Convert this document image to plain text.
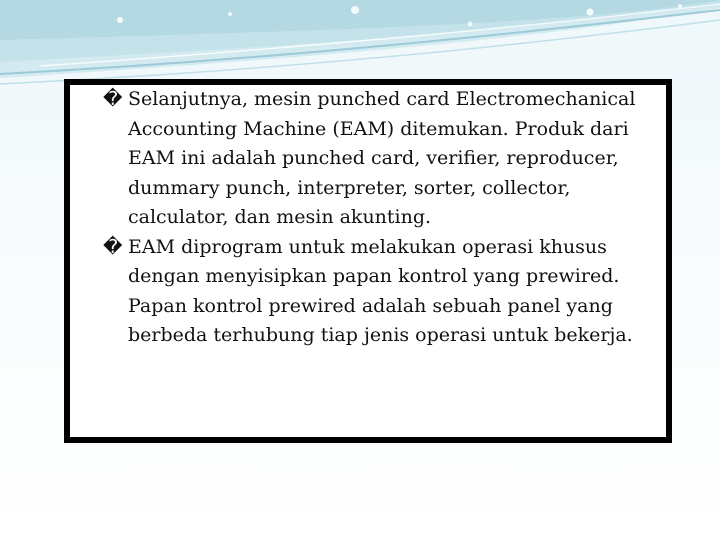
� Selanjutnya, mesin punched card Electromechanical Accounting Machine (EAM) ditemukan. Produk dari EAM ini adalah punched card, verifier, reproducer, dummary punch, interpreter, sorter, collector, calculator, dan mesin akunting.
� EAM diprogram untuk melakukan operasi khusus dengan menyisipkan papan kontrol yang prewired. Papan kontrol prewired adalah sebuah panel yang berbeda terhubung tiap jenis operasi untuk bekerja.
